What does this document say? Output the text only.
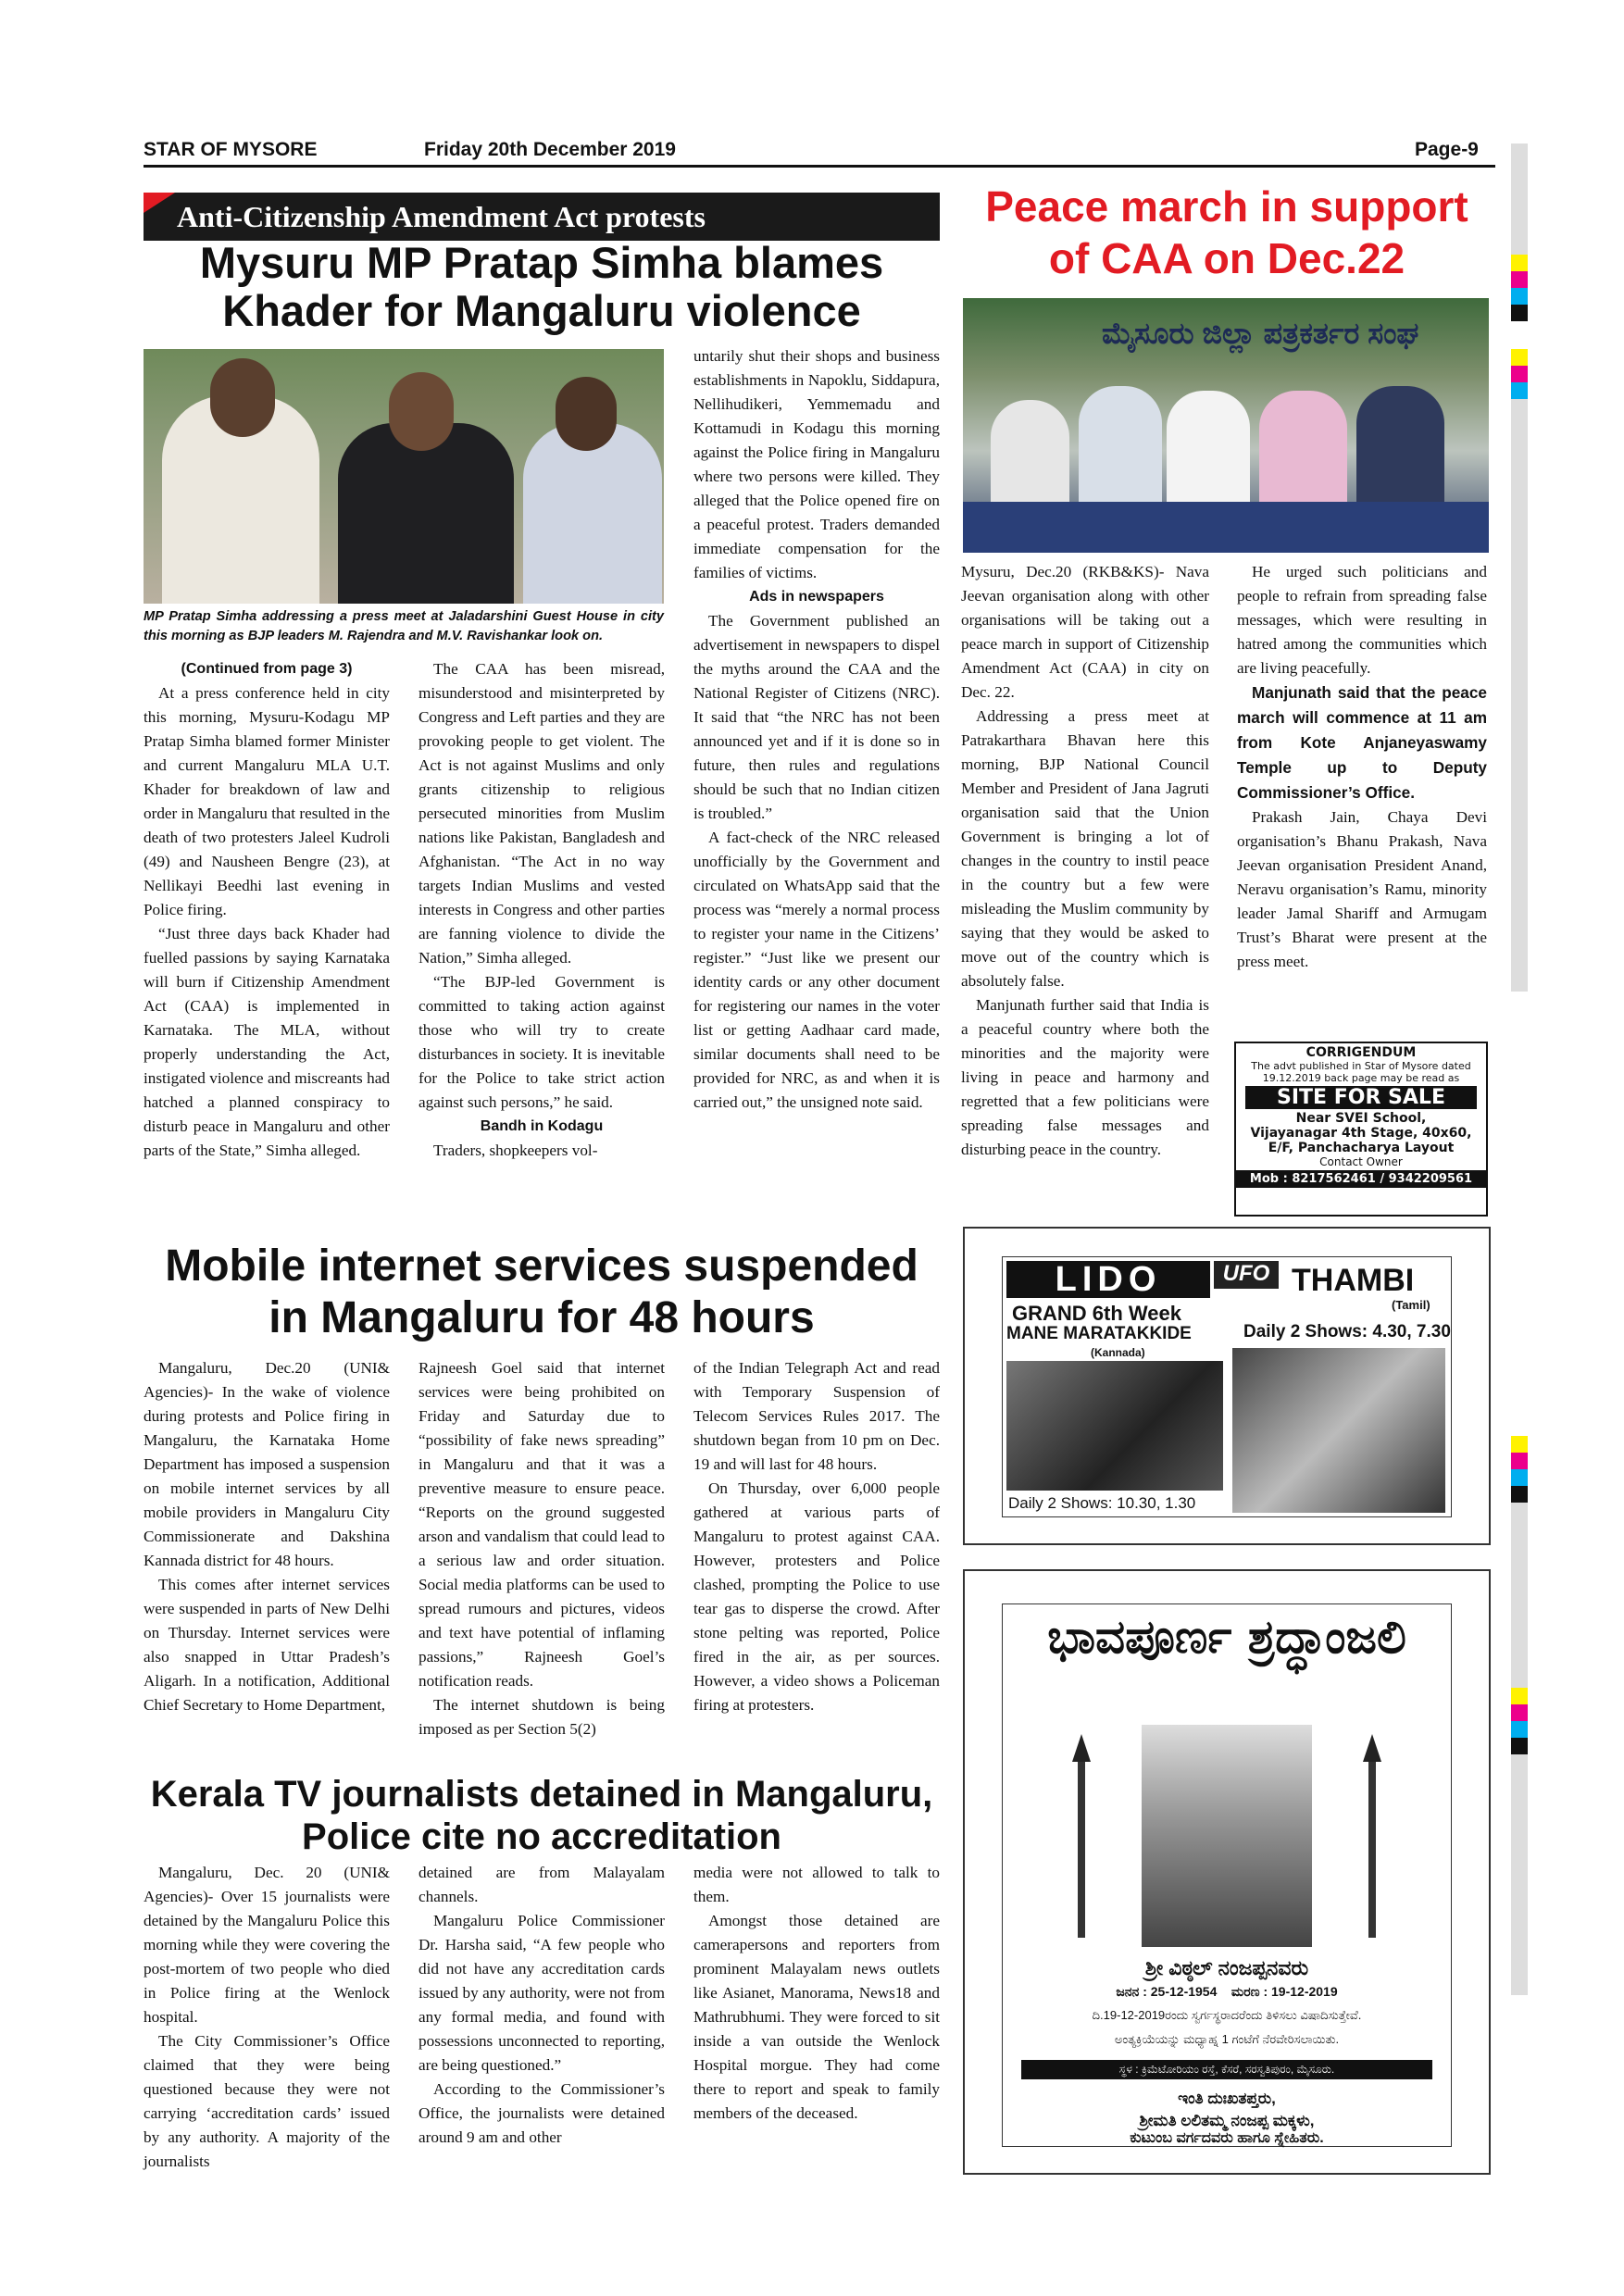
STAR OF MYSORE	Friday 20th December 2019	Page-9
Anti-Citizenship Amendment Act protests
Mysuru MP Pratap Simha blames
Khader for Mangaluru violence
MP Pratap Simha addressing a press meet at Jaladarshini Guest House in city this morning as BJP leaders M. Rajendra and M.V. Ravishankar look on.

(Continued from page 3)

At a press conference held in city this morning, Mysuru-Kodagu MP Pratap Simha blamed former Minister and current Mangaluru MLA U.T. Khader for breakdown of law and order in Mangaluru that resulted in the death of two protesters Jaleel Kudroli (49) and Nausheen Bengre (23), at Nellikayi Beedhi last evening in Police firing.

“Just three days back Khader had fuelled passions by saying Karnataka will burn if Citizenship Amendment Act (CAA) is implemented in Karnataka. The MLA, without properly understanding the Act, instigated violence and miscreants had hatched a planned conspiracy to disturb peace in Mangaluru and other parts of the State,” Simha alleged.

The CAA has been misread, misunderstood and misinterpreted by Congress and Left parties and they are provoking people to get violent. The Act is not against Muslims and only grants citizenship to religious persecuted minorities from Muslim nations like Pakistan, Bangladesh and Afghanistan. “The Act in no way targets Indian Muslims and vested interests in Congress and other parties are fanning violence to divide the Nation,” Simha alleged.

“The BJP-led Government is committed to taking action against those who will try to create disturbances in society. It is inevitable for the Police to take strict action against such persons,” he said.

Bandh in Kodagu

Traders, shopkeepers vol-

untarily shut their shops and business establishments in Napoklu, Siddapura, Nellihudikeri, Yemmemadu and Kottamudi in Kodagu this morning against the Police firing in Mangaluru where two persons were killed. They alleged that the Police opened fire on a peaceful protest. Traders demanded immediate compensation for the families of victims.

Ads in newspapers

The Government published an advertisement in newspapers to dispel the myths around the CAA and the National Register of Citizens (NRC). It said that “the NRC has not been announced yet and if it is done so in future, then rules and regulations should be such that no Indian citizen is troubled.”

A fact-check of the NRC released unofficially by the Government and circulated on WhatsApp said that the process was “merely a normal process to register your name in the Citizens’ register.” “Just like we present our identity cards or any other document for registering our names in the voter list or getting Aadhaar card made, similar documents shall need to be provided for NRC, as and when it is carried out,” the unsigned note said.

Peace march in support
of CAA on Dec.22
ಮೈಸೂರು ಜಿಲ್ಲಾ ಪತ್ರಕರ್ತರ ಸಂಘ

Mysuru, Dec.20 (RKB&KS)- Nava Jeevan organisation along with other organisations will be taking out a peace march in support of Citizenship Amendment Act (CAA) in city on Dec. 22.

Addressing a press meet at Patrakarthara Bhavan here this morning, BJP National Council Member and President of Jana Jagruti organisation said that the Union Government is bringing a lot of changes in the country to instil peace in the country but a few were misleading the Muslim community by saying that they would be asked to move out of the country which is absolutely false.

Manjunath further said that India is a peaceful country where both the minorities and the majority were living in peace and harmony and regretted that a few politicians were spreading false messages and disturbing peace in the country.

He urged such politicians and people to refrain from spreading false messages, which were resulting in hatred among the communities which are living peacefully.

Manjunath said that the peace march will commence at 11 am from Kote Anjaneyaswamy Temple up to Deputy Commissioner’s Office.

Prakash Jain, Chaya Devi organisation’s Bhanu Prakash, Nava Jeevan organisation President Anand, Neravu organisation’s Ramu, minority leader Jamal Shariff and Armugam Trust’s Bharat were present at the press meet.

CORRIGENDUM
The advt published in Star of Mysore dated
19.12.2019 back page may be read as
SITE FOR SALE
Near SVEI School,
Vijayanagar 4th Stage, 40x60,
E/F, Panchacharya Layout
Contact Owner
Mob : 8217562461 / 9342209561
Mobile internet services suspended
in Mangaluru for 48 hours

Mangaluru, Dec.20 (UNI& Agencies)- In the wake of violence during protests and Police firing in Mangaluru, the Karnataka Home Department has imposed a suspension on mobile internet services by all mobile providers in Mangaluru City Commissionerate and Dakshina Kannada district for 48 hours.

This comes after internet services were suspended in parts of New Delhi on Thursday. Internet services were also snapped in Uttar Pradesh’s Aligarh. In a notification, Additional Chief Secretary to Home Department,

Rajneesh Goel said that internet services were being prohibited on Friday and Saturday due to “possibility of fake news spreading” in Mangaluru and that it was a preventive measure to ensure peace. “Reports on the ground suggested arson and vandalism that could lead to a serious law and order situation. Social media platforms can be used to spread rumours and pictures, videos and text have potential of inflaming passions,” Rajneesh Goel’s notification reads.

The internet shutdown is being imposed as per Section 5(2)

of the Indian Telegraph Act and read with Temporary Suspension of Telecom Services Rules 2017. The shutdown began from 10 pm on Dec. 19 and will last for 48 hours.

On Thursday, over 6,000 people gathered at various parts of Mangaluru to protest against CAA. However, protesters and Police clashed, prompting the Police to use tear gas to disperse the crowd. After stone pelting was reported, Police fired in the air, as per sources. However, a video shows a Policeman firing at protesters.

Kerala TV journalists detained in Mangaluru,
Police cite no accreditation

Mangaluru, Dec. 20 (UNI& Agencies)- Over 15 journalists were detained by the Mangaluru Police this morning while they were covering the post-mortem of two people who died in Police firing at the Wenlock hospital.

The City Commissioner’s Office claimed that they were being questioned because they were not carrying ‘accreditation cards’ issued by any authority. A majority of the journalists

detained are from Malayalam channels.

Mangaluru Police Commissioner Dr. Harsha said, “A few people who did not have any accreditation cards issued by any authority, were not from any formal media, and found with possessions unconnected to reporting, are being questioned.”

According to the Commissioner’s Office, the journalists were detained around 9 am and other

media were not allowed to talk to them.

Amongst those detained are camerapersons and reporters from prominent Malayalam news outlets like Asianet, Manorama, News18 and Mathrubhumi. They were forced to sit inside a van outside the Wenlock Hospital morgue. They had come there to report and speak to family members of the deceased.

LIDO	UFO THAMBI
(Tamil)
GRAND 6th Week
MANE MARATAKKIDE
(Kannada)
Daily 2 Shows: 4.30, 7.30
Daily 2 Shows: 10.30, 1.30
ಭಾವಪೂರ್ಣ ಶ್ರದ್ಧಾಂಜಲಿ
ಶ್ರೀ ವಿಠ್ಠಲ್ ನಂಜಪ್ಪನವರು
ಜನನ : 25-12-1954    ಮರಣ : 19-12-2019
ದಿ.19-12-2019ರಂದು ಸ್ವರ್ಗಸ್ಥರಾದರೆಂದು ತಿಳಿಸಲು ವಿಷಾದಿಸುತ್ತೇವೆ.
ಅಂತ್ಯಕ್ರಿಯೆಯನ್ನು ಮಧ್ಯಾಹ್ನ 1 ಗಂಟೆಗೆ ನೆರವೇರಿಸಲಾಯಿತು.
ಸ್ಥಳ : ಕ್ರಿಮೆಟೋರಿಯಂ ರಸ್ತೆ, ಕೆಸರೆ, ಸರಸ್ವತಿಪುರಂ, ಮೈಸೂರು.
ಇಂತಿ ದುಃಖತಪ್ತರು,
ಶ್ರೀಮತಿ ಲಲಿತಮ್ಮ ನಂಜಪ್ಪ ಮಕ್ಕಳು,
ಕುಟುಂಬ ವರ್ಗದವರು ಹಾಗೂ ಸ್ನೇಹಿತರು.
